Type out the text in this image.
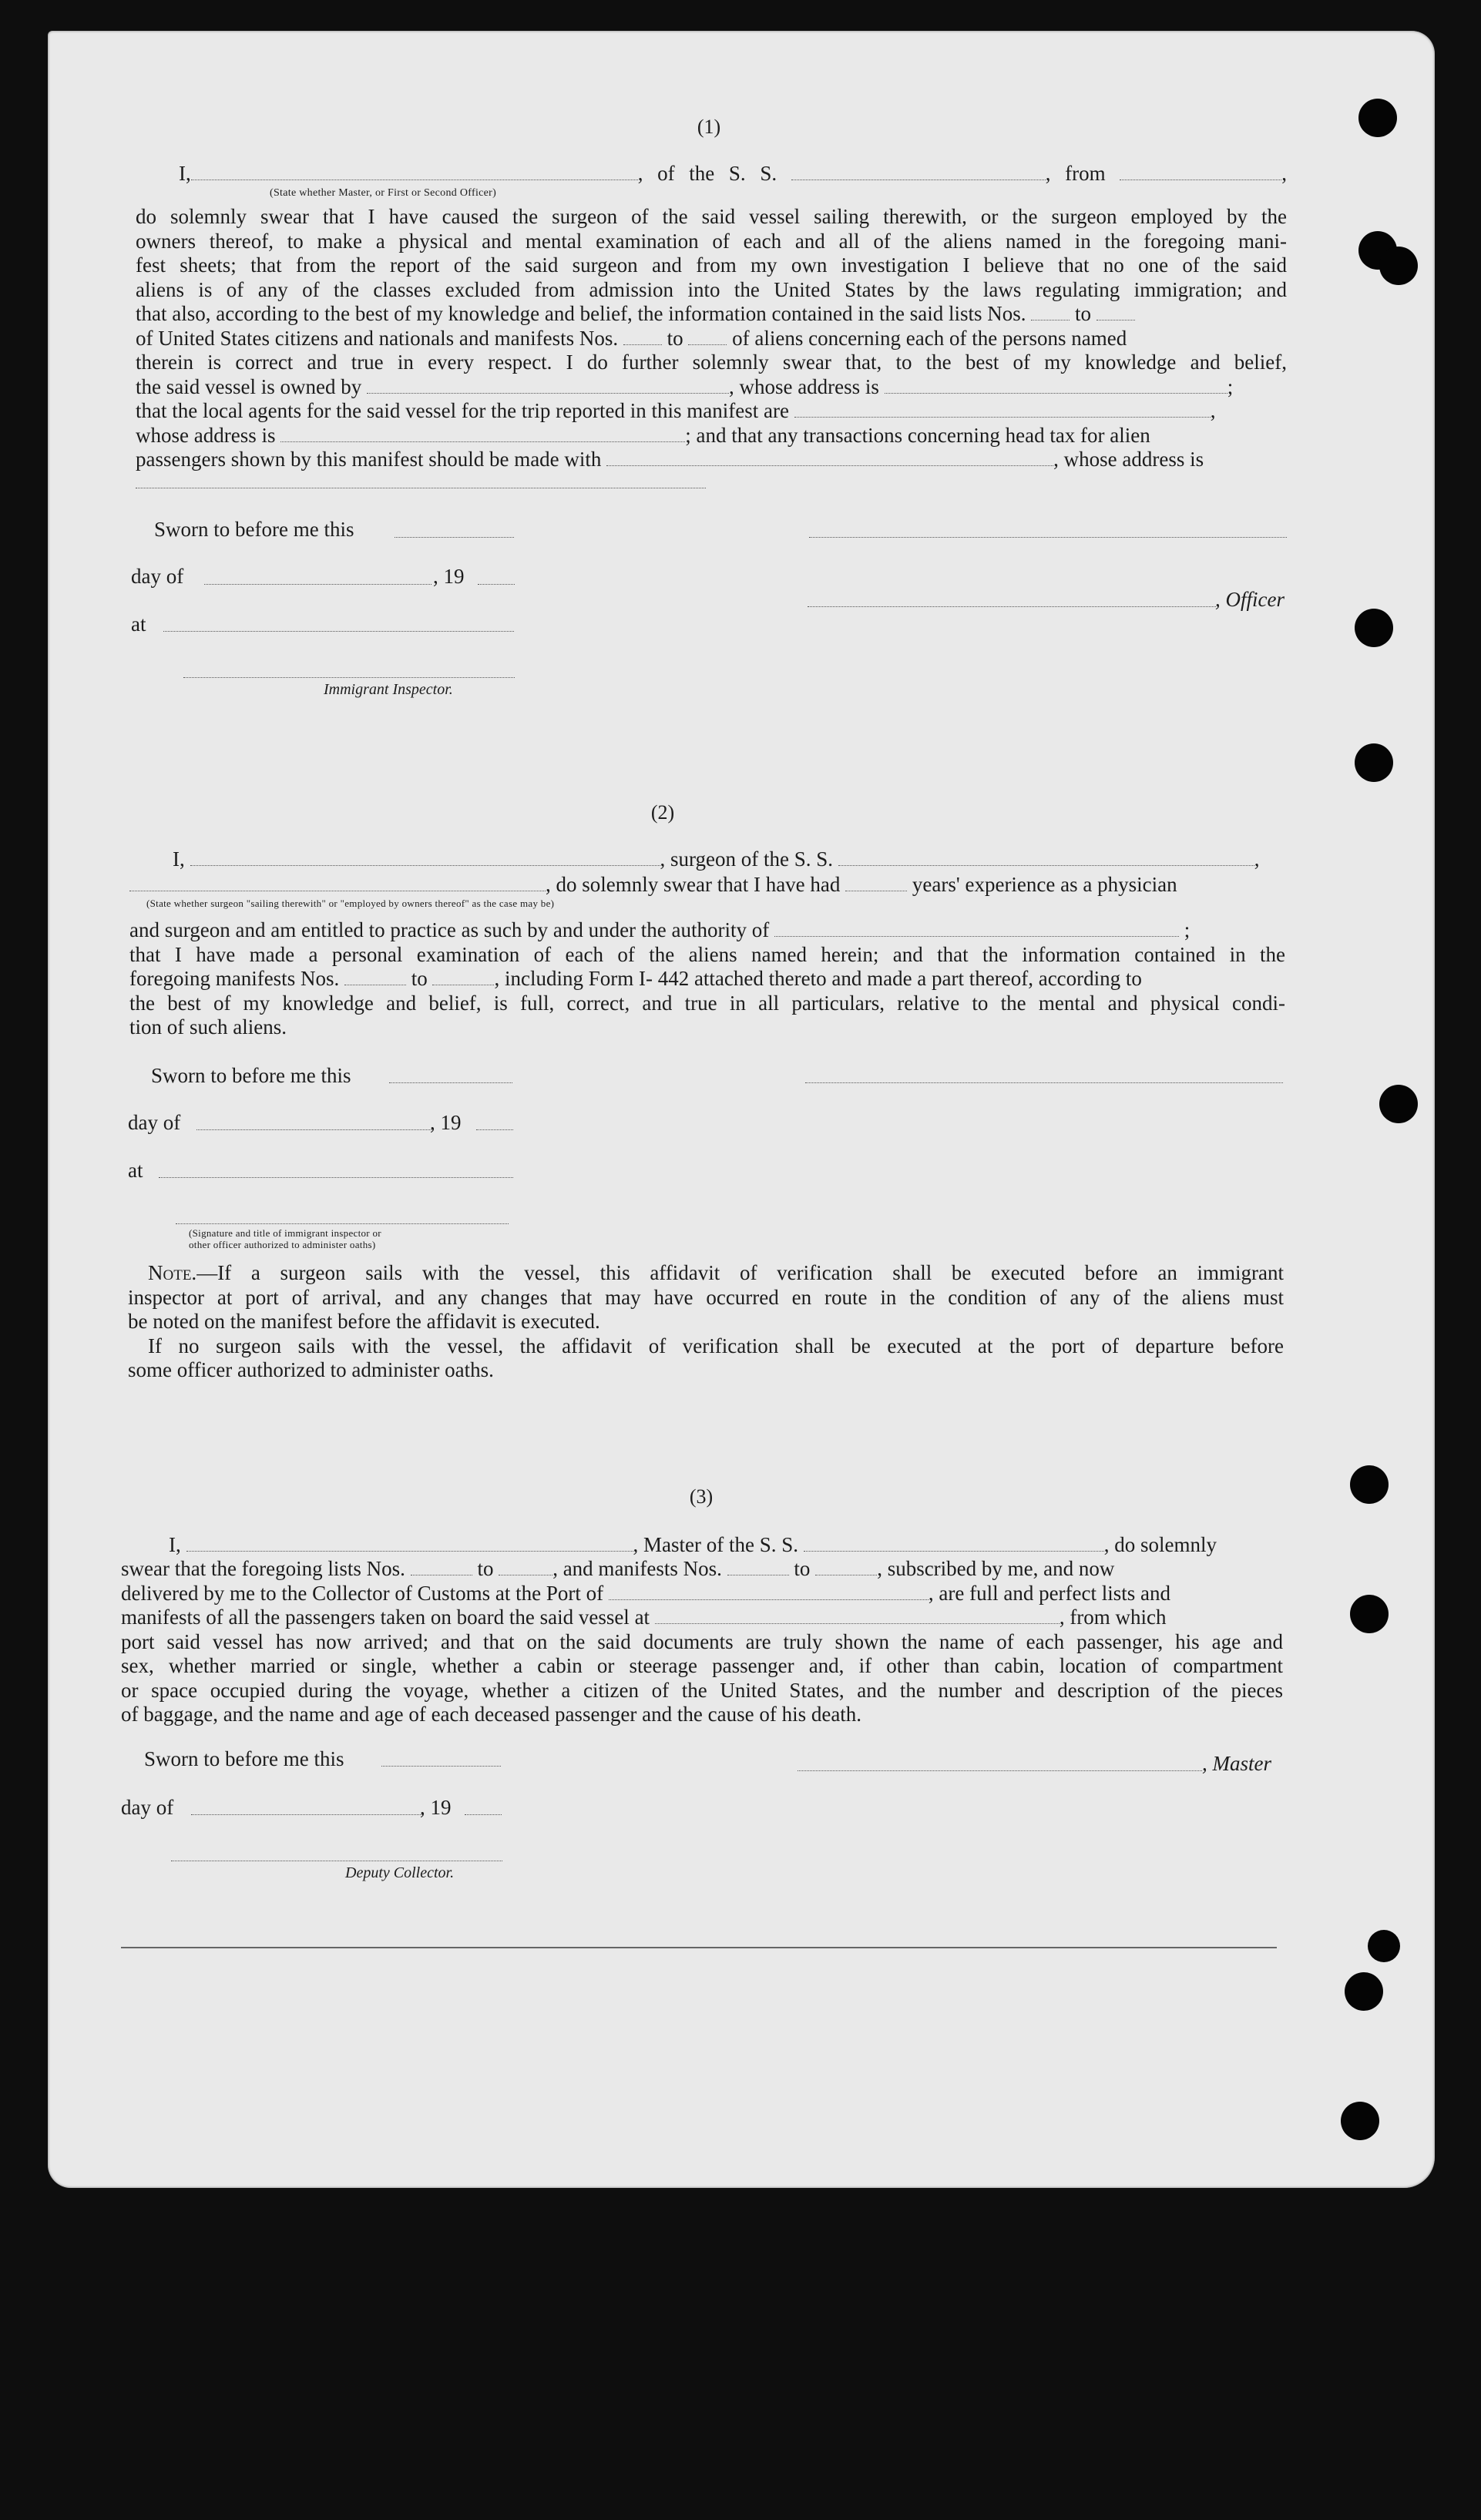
(1)
I,	, of the S. S.	, from	,
(State whether Master, or First or Second Officer)
do solemnly swear that I have caused the surgeon of the said vessel sailing therewith, or the surgeon employed by the
owners thereof, to make a physical and mental examination of each and all of the aliens named in the foregoing mani-
fest sheets; that from the report of the said surgeon and from my own investigation I believe that no one of the said
aliens is of any of the classes excluded from admission into the United States by the laws regulating immigration; and
that also, according to the best of my knowledge and belief, the information contained in the said lists Nos. to
of United States citizens and nationals and manifests Nos. to of aliens concerning each of the persons named
therein is correct and true in every respect. I do further solemnly swear that, to the best of my knowledge and belief,
the said vessel is owned by	, whose address is	;
that the local agents for the said vessel for the trip reported in this manifest are	,
whose address is	; and that any transactions concerning head tax for alien
passengers shown by this manifest should be made with	, whose address is
Sworn to before me this
day of	, 19
, Officer
at
Immigrant Inspector.
(2)
I,	, surgeon of the S. S.	,
, do solemnly swear that I have had	years' experience as a physician
(State whether surgeon "sailing therewith" or "employed by owners thereof" as the case may be)
and surgeon and am entitled to practice as such by and under the authority of	;
that I have made a personal examination of each of the aliens named herein; and that the information contained in the
foregoing manifests Nos.	to	, including Form I- 442 attached thereto and made a part thereof, according to
the best of my knowledge and belief, is full, correct, and true in all particulars, relative to the mental and physical condi-
tion of such aliens.
Sworn to before me this
day of	, 19
at
(Signature and title of immigrant inspector or
other officer authorized to administer oaths)
Note.—If a surgeon sails with the vessel, this affidavit of verification shall be executed before an immigrant
inspector at port of arrival, and any changes that may have occurred en route in the condition of any of the aliens must
be noted on the manifest before the affidavit is executed.
If no surgeon sails with the vessel, the affidavit of verification shall be executed at the port of departure before
some officer authorized to administer oaths.
(3)
I,	, Master of the S. S.	, do solemnly
swear that the foregoing lists Nos.	to	, and manifests Nos.	to	, subscribed by me, and now
delivered by me to the Collector of Customs at the Port of	, are full and perfect lists and
manifests of all the passengers taken on board the said vessel at	, from which
port said vessel has now arrived; and that on the said documents are truly shown the name of each passenger, his age and
sex, whether married or single, whether a cabin or steerage passenger and, if other than cabin, location of compartment
or space occupied during the voyage, whether a citizen of the United States, and the number and description of the pieces
of baggage, and the name and age of each deceased passenger and the cause of his death.
Sworn to before me this	, Master
day of	, 19
Deputy Collector.
